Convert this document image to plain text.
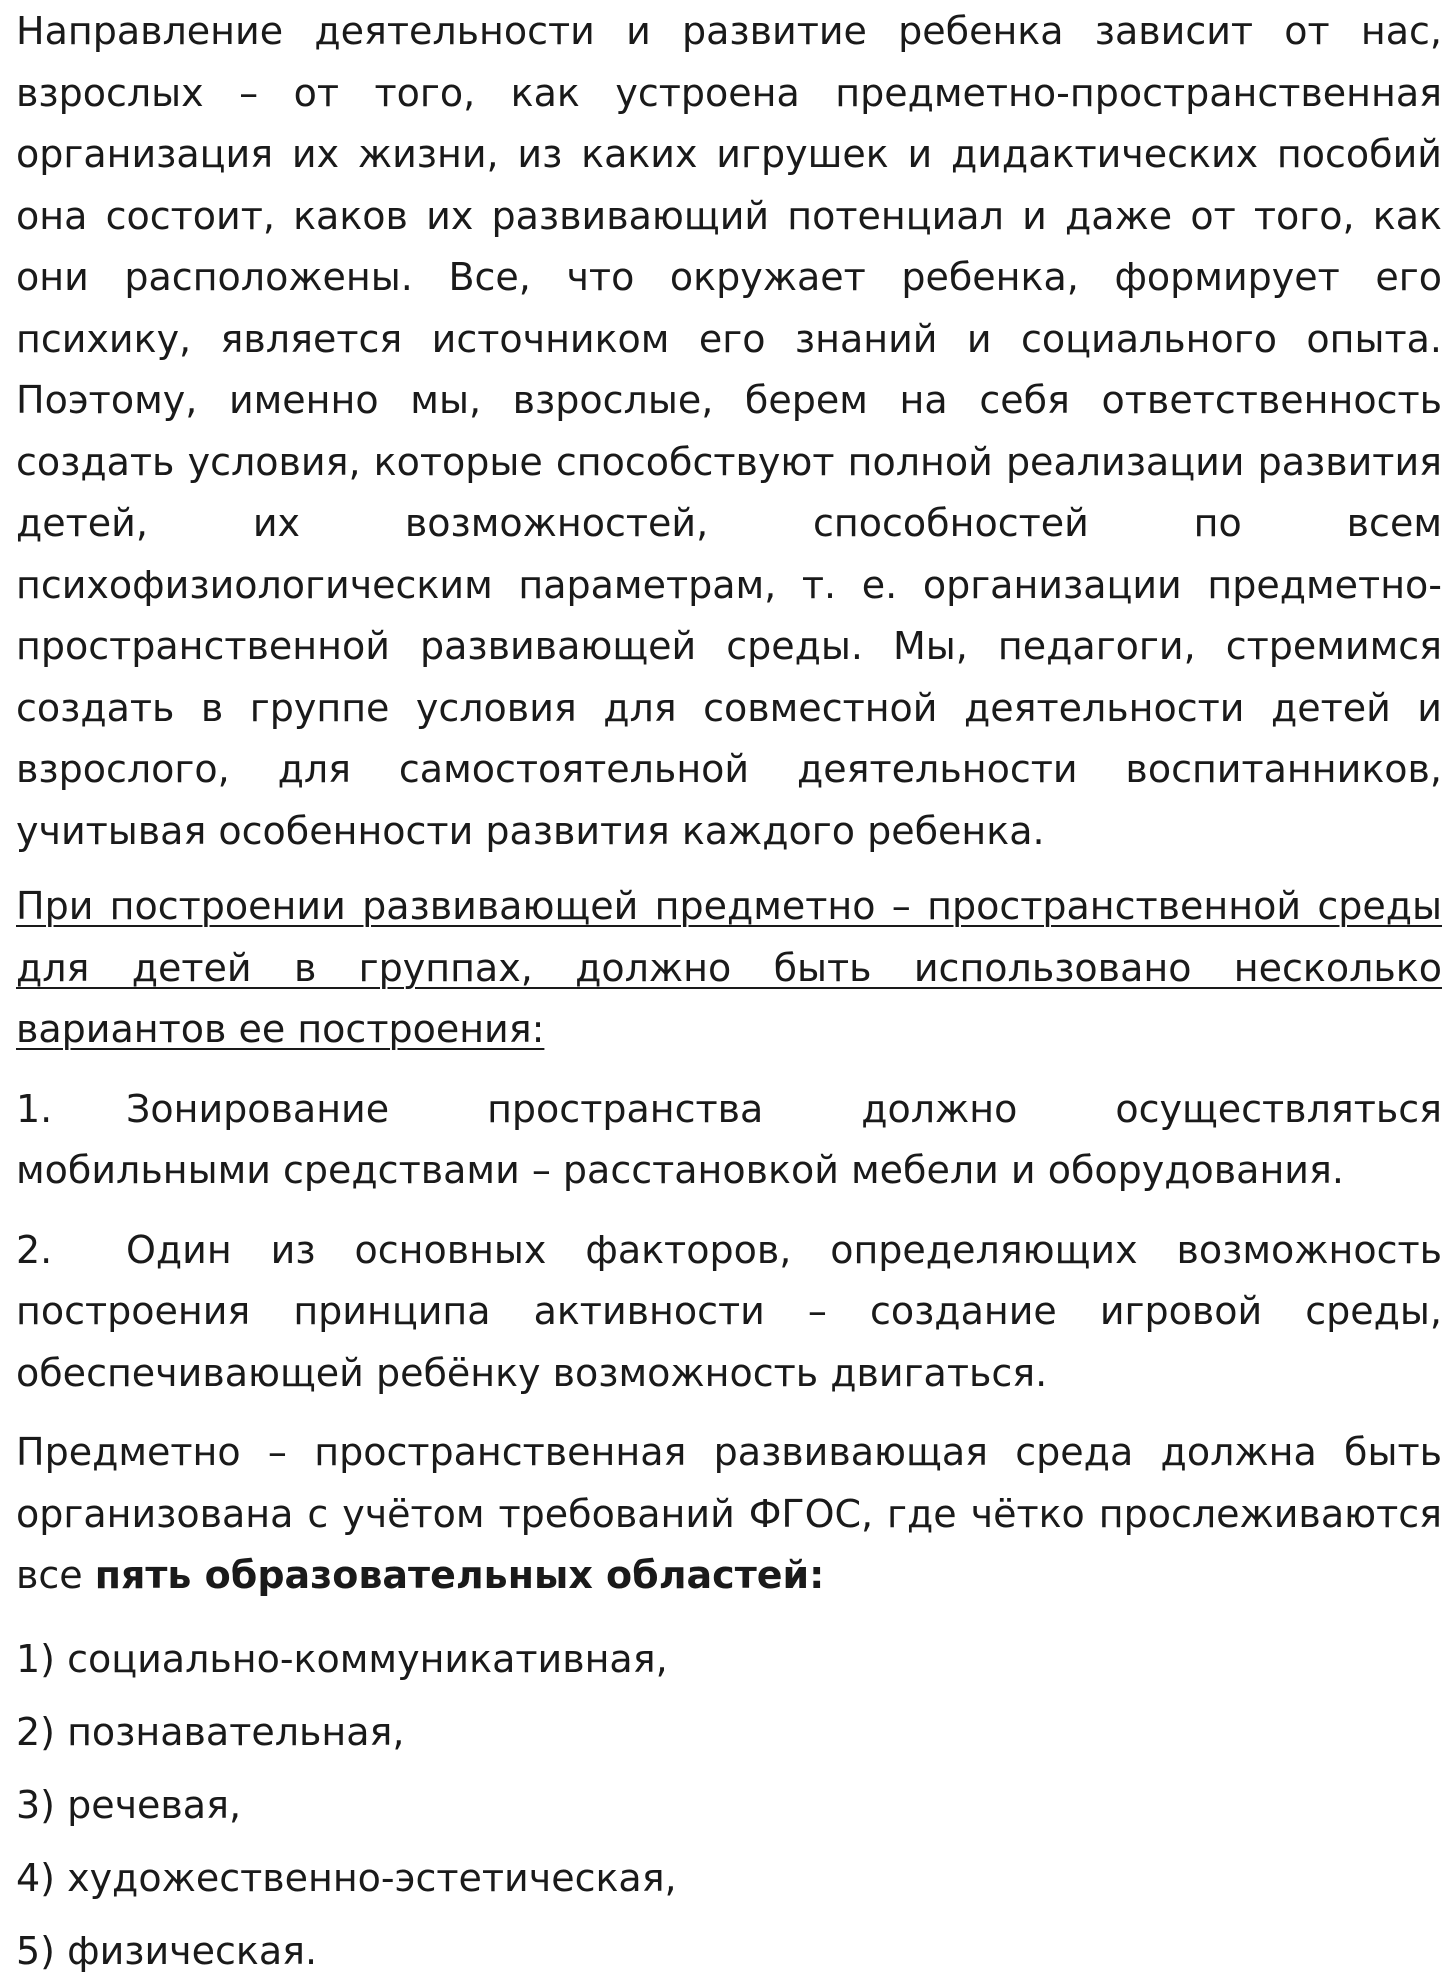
Направление деятельности и развитие ребенка зависит от нас, взрослых – от того, как устроена предметно-пространственная организация их жизни, из каких игрушек и дидактических пособий она состоит, каков их развивающий потенциал и даже от того, как они расположены. Все, что окружает ребенка, формирует его психику, является источником его знаний и социального опыта. Поэтому, именно мы, взрослые, берем на себя ответственность создать условия, которые способствуют полной реализации развития детей, их возможностей, способностей по всем психофизиологическим параметрам, т. е. организации предметно-пространственной развивающей среды. Мы, педагоги, стремимся создать в группе условия для совместной деятельности детей и взрослого, для самостоятельной деятельности воспитанников, учитывая особенности развития каждого ребенка.

При построении развивающей предметно – пространственной среды для детей в группах, должно быть использовано несколько вариантов ее построения:

1. Зонирование пространства должно осуществляться мобильными средствами – расстановкой мебели и оборудования.

2. Один из основных факторов, определяющих возможность построения принципа активности – создание игровой среды, обеспечивающей ребёнку возможность двигаться.

Предметно – пространственная развивающая среда должна быть организована с учётом требований ФГОС, где чётко прослеживаются все пять образовательных областей:

1) социально-коммуникативная,
2) познавательная,
3) речевая,
4) художественно-эстетическая,
5) физическая.
